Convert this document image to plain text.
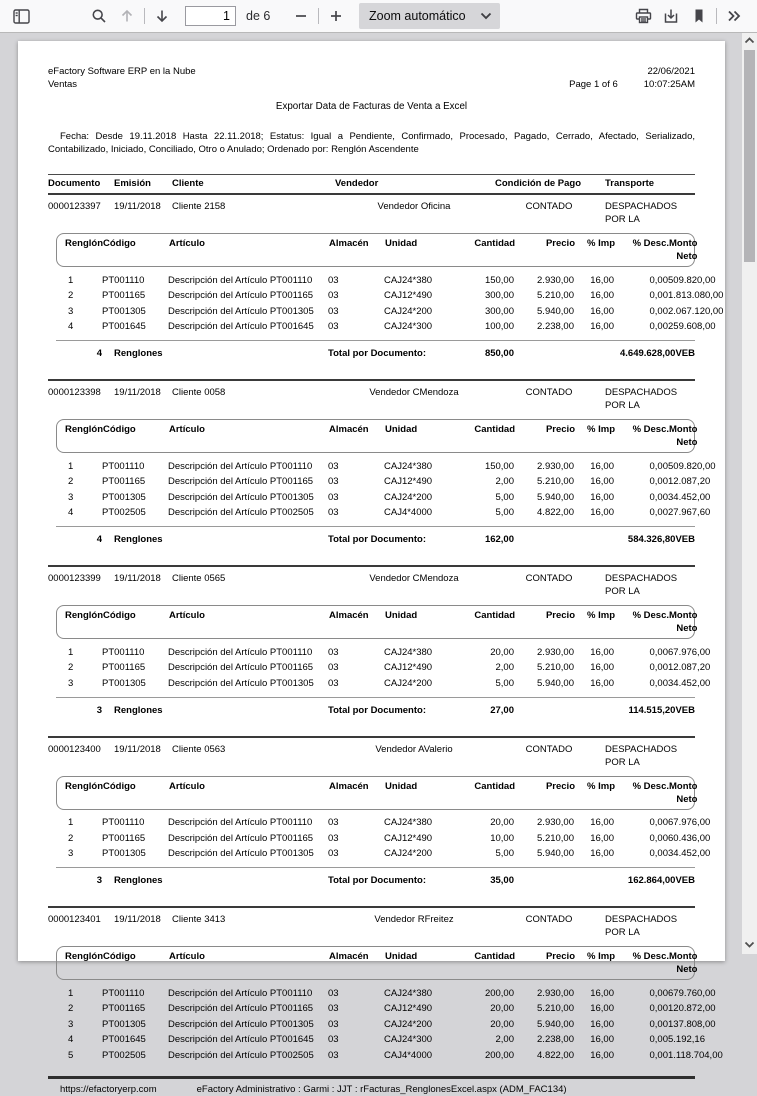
1
de 6	Zoom automático
eFactory Software ERP en la Nube
Ventas
22/06/2021
Page 1 of 6	10:07:25AM
Exportar Data de Facturas de Venta a Excel
Fecha: Desde 19.11.2018 Hasta 22.11.2018; Estatus: Igual a Pendiente, Confirmado, Procesado, Pagado, Cerrado, Afectado, Serializado, Contabilizado, Iniciado, Conciliado, Otro o Anulado; Ordenado por: Renglón Ascendente
Documento	Emisión	Cliente	Vendedor	Condición de Pago	Transporte
0000123397	19/11/2018	Cliente 2158	Vendedor Oficina	CONTADO	DESPACHADOS POR LA
Renglón Código	Artículo	Almacén	Unidad	Cantidad	Precio	% Imp	% Desc. Monto Neto
1	PT001110	Descripción del Artículo PT001110	03	CAJ24*380	150,00	2.930,00	16,00	0,00 509.820,00
2	PT001165	Descripción del Artículo PT001165	03	CAJ12*490	300,00	5.210,00	16,00	0,00 1.813.080,00
3	PT001305	Descripción del Artículo PT001305	03	CAJ24*200	300,00	5.940,00	16,00	0,00 2.067.120,00
4	PT001645	Descripción del Artículo PT001645	03	CAJ24*300	100,00	2.238,00	16,00	0,00 259.608,00
4	Renglones	Total por Documento:	850,00	4.649.628,00VEB
0000123398	19/11/2018	Cliente 0058	Vendedor CMendoza	CONTADO	DESPACHADOS POR LA
Renglón Código	Artículo	Almacén	Unidad	Cantidad	Precio	% Imp	% Desc. Monto Neto
1	PT001110	Descripción del Artículo PT001110	03	CAJ24*380	150,00	2.930,00	16,00	0,00 509.820,00
2	PT001165	Descripción del Artículo PT001165	03	CAJ12*490	2,00	5.210,00	16,00	0,00 12.087,20
3	PT001305	Descripción del Artículo PT001305	03	CAJ24*200	5,00	5.940,00	16,00	0,00 34.452,00
4	PT002505	Descripción del Artículo PT002505	03	CAJ4*4000	5,00	4.822,00	16,00	0,00 27.967,60
4	Renglones	Total por Documento:	162,00	584.326,80VEB
0000123399	19/11/2018	Cliente 0565	Vendedor CMendoza	CONTADO	DESPACHADOS POR LA
Renglón Código	Artículo	Almacén	Unidad	Cantidad	Precio	% Imp	% Desc. Monto Neto
1	PT001110	Descripción del Artículo PT001110	03	CAJ24*380	20,00	2.930,00	16,00	0,00 67.976,00
2	PT001165	Descripción del Artículo PT001165	03	CAJ12*490	2,00	5.210,00	16,00	0,00 12.087,20
3	PT001305	Descripción del Artículo PT001305	03	CAJ24*200	5,00	5.940,00	16,00	0,00 34.452,00
3	Renglones	Total por Documento:	27,00	114.515,20VEB
0000123400	19/11/2018	Cliente 0563	Vendedor AValerio	CONTADO	DESPACHADOS POR LA
Renglón Código	Artículo	Almacén	Unidad	Cantidad	Precio	% Imp	% Desc. Monto Neto
1	PT001110	Descripción del Artículo PT001110	03	CAJ24*380	20,00	2.930,00	16,00	0,00 67.976,00
2	PT001165	Descripción del Artículo PT001165	03	CAJ12*490	10,00	5.210,00	16,00	0,00 60.436,00
3	PT001305	Descripción del Artículo PT001305	03	CAJ24*200	5,00	5.940,00	16,00	0,00 34.452,00
3	Renglones	Total por Documento:	35,00	162.864,00VEB
0000123401	19/11/2018	Cliente 3413	Vendedor RFreitez	CONTADO	DESPACHADOS POR LA
Renglón Código	Artículo	Almacén	Unidad	Cantidad	Precio	% Imp	% Desc. Monto Neto
1	PT001110	Descripción del Artículo PT001110	03	CAJ24*380	200,00	2.930,00	16,00	0,00 679.760,00
2	PT001165	Descripción del Artículo PT001165	03	CAJ12*490	20,00	5.210,00	16,00	0,00 120.872,00
3	PT001305	Descripción del Artículo PT001305	03	CAJ24*200	20,00	5.940,00	16,00	0,00 137.808,00
4	PT001645	Descripción del Artículo PT001645	03	CAJ24*300	2,00	2.238,00	16,00	0,00 5.192,16
5	PT002505	Descripción del Artículo PT002505	03	CAJ4*4000	200,00	4.822,00	16,00	0,00 1.118.704,00
https://efactoryerp.com	eFactory Administrativo : Garmi : JJT : rFacturas_RenglonesExcel.aspx (ADM_FAC134)
